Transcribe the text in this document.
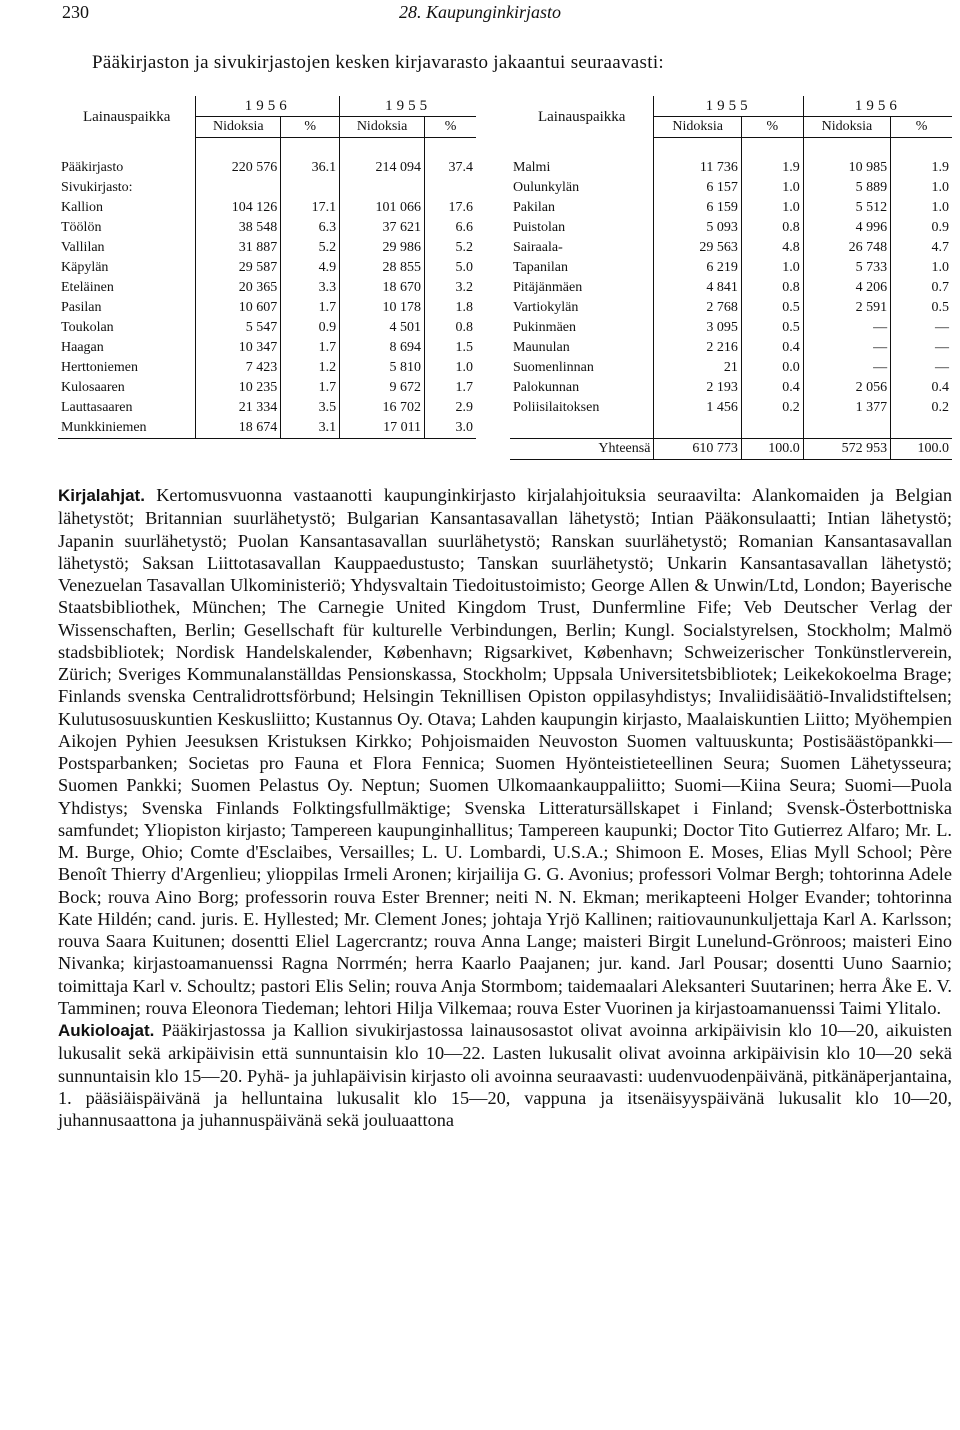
230	28. Kaupunginkirjasto
Pääkirjaston ja sivukirjastojen kesken kirjavarasto jakaantui seuraavasti:
Lainauspaikka	1956		1955	
	Nidoksia	%	Nidoksia	%

Pääkirjasto	220 576	36.1	214 094	37.4
Sivukirjasto:				
Kallion	104 126	17.1	101 066	17.6
Töölön	38 548	6.3	37 621	6.6
Vallilan	31 887	5.2	29 986	5.2
Käpylän	29 587	4.9	28 855	5.0
Eteläinen	20 365	3.3	18 670	3.2
Pasilan	10 607	1.7	10 178	1.8
Toukolan	5 547	0.9	4 501	0.8
Haagan	10 347	1.7	8 694	1.5
Herttoniemen	7 423	1.2	5 810	1.0
Kulosaaren	10 235	1.7	9 672	1.7
Lauttasaaren	21 334	3.5	16 702	2.9
Munkkiniemen	18 674	3.1	17 011	3.0
Lainauspaikka	1955		1956	
	Nidoksia	%	Nidoksia	%

Malmi	11 736	1.9	10 985	1.9
Oulunkylän	6 157	1.0	5 889	1.0
Pakilan	6 159	1.0	5 512	1.0
Puistolan	5 093	0.8	4 996	0.9
Sairaala-	29 563	4.8	26 748	4.7
Tapanilan	6 219	1.0	5 733	1.0
Pitäjänmäen	4 841	0.8	4 206	0.7
Vartiokylän	2 768	0.5	2 591	0.5
Pukinmäen	3 095	0.5	—	—
Maunulan	2 216	0.4	—	—
Suomenlinnan	21	0.0	—	—
Palokunnan	2 193	0.4	2 056	0.4
Poliisilaitoksen	1 456	0.2	1 377	0.2

Yhteensä	610 773	100.0	572 953	100.0

Kirjalahjat. Kertomusvuonna vastaanotti kaupunginkirjasto kirjalahjoituksia seuraavilta: Alankomaiden ja Belgian lähetystöt; Britannian suurlähetystö; Bulgarian Kansantasavallan lähetystö; Intian Pääkonsulaatti; Intian lähetystö; Japanin suurlähetystö; Puolan Kansantasavallan suurlähetystö; Ranskan suurlähetystö; Romanian Kansantasavallan lähetystö; Saksan Liittotasavallan Kauppaedustusto; Tanskan suurlähetystö; Unkarin Kansantasavallan lähetystö; Venezuelan Tasavallan Ulkoministeriö; Yhdysvaltain Tiedoitustoimisto; George Allen & Unwin/Ltd, London; Bayerische Staatsbibliothek, München; The Carnegie United Kingdom Trust, Dunfermline Fife; Veb Deutscher Verlag der Wissenschaften, Berlin; Gesellschaft für kulturelle Verbindungen, Berlin; Kungl. Socialstyrelsen, Stockholm; Malmö stadsbibliotek; Nordisk Handelskalender, København; Rigsarkivet, København; Schweizerischer Tonkünstlerverein, Zürich; Sveriges Kommunalanställdas Pensionskassa, Stockholm; Uppsala Universitetsbibliotek; Leikekokoelma Brage; Finlands svenska Centralidrottsförbund; Helsingin Teknillisen Opiston oppilasyhdistys; Invaliidisäätiö-Invalidstiftelsen; Kulutusosuuskuntien Keskusliitto; Kustannus Oy. Otava; Lahden kaupungin kirjasto, Maalaiskuntien Liitto; Myöhempien Aikojen Pyhien Jeesuksen Kristuksen Kirkko; Pohjoismaiden Neuvoston Suomen valtuuskunta; Postisäästöpankki—Postsparbanken; Societas pro Fauna et Flora Fennica; Suomen Hyönteistieteellinen Seura; Suomen Lähetysseura; Suomen Pankki; Suomen Pelastus Oy. Neptun; Suomen Ulkomaankauppaliitto; Suomi—Kiina Seura; Suomi—Puola Yhdistys; Svenska Finlands Folktingsfullmäktige; Svenska Litteratursällskapet i Finland; Svensk-Österbottniska samfundet; Yliopiston kirjasto; Tampereen kaupunginhallitus; Tampereen kaupunki; Doctor Tito Gutierrez Alfaro; Mr. L. M. Burge, Ohio; Comte d'Esclaibes, Versailles; L. U. Lombardi, U.S.A.; Shimoon E. Moses, Elias Myll School; Père Benoît Thierry d'Argenlieu; ylioppilas Irmeli Aronen; kirjailija G. G. Avonius; professori Volmar Bergh; tohtorinna Adele Bock; rouva Aino Borg; professorin rouva Ester Brenner; neiti N. N. Ekman; merikapteeni Holger Evander; tohtorinna Kate Hildén; cand. juris. E. Hyllested; Mr. Clement Jones; johtaja Yrjö Kallinen; raitiovaununkuljettaja Karl A. Karlsson; rouva Saara Kuitunen; dosentti Eliel Lagercrantz; rouva Anna Lange; maisteri Birgit Lunelund-Grönroos; maisteri Eino Nivanka; kirjastoamanuenssi Ragna Norrmén; herra Kaarlo Paajanen; jur. kand. Jarl Pousar; dosentti Uuno Saarnio; toimittaja Karl v. Schoultz; pastori Elis Selin; rouva Anja Stormbom; taidemaalari Aleksanteri Suutarinen; herra Åke E. V. Tamminen; rouva Eleonora Tiedeman; lehtori Hilja Vilkemaa; rouva Ester Vuorinen ja kirjastoamanuenssi Taimi Ylitalo.

Aukioloajat. Pääkirjastossa ja Kallion sivukirjastossa lainausosastot olivat avoinna arkipäivisin klo 10—20, aikuisten lukusalit sekä arkipäivisin että sunnuntaisin klo 10—22. Lasten lukusalit olivat avoinna arkipäivisin klo 10—20 sekä sunnuntaisin klo 15—20. Pyhä- ja juhlapäivisin kirjasto oli avoinna seuraavasti: uudenvuodenpäivänä, pitkänäperjantaina, 1. pääsiäispäivänä ja helluntaina lukusalit klo 15—20, vappuna ja itsenäisyyspäivänä lukusalit klo 10—20, juhannusaattona ja juhannuspäivänä sekä jouluaattona
